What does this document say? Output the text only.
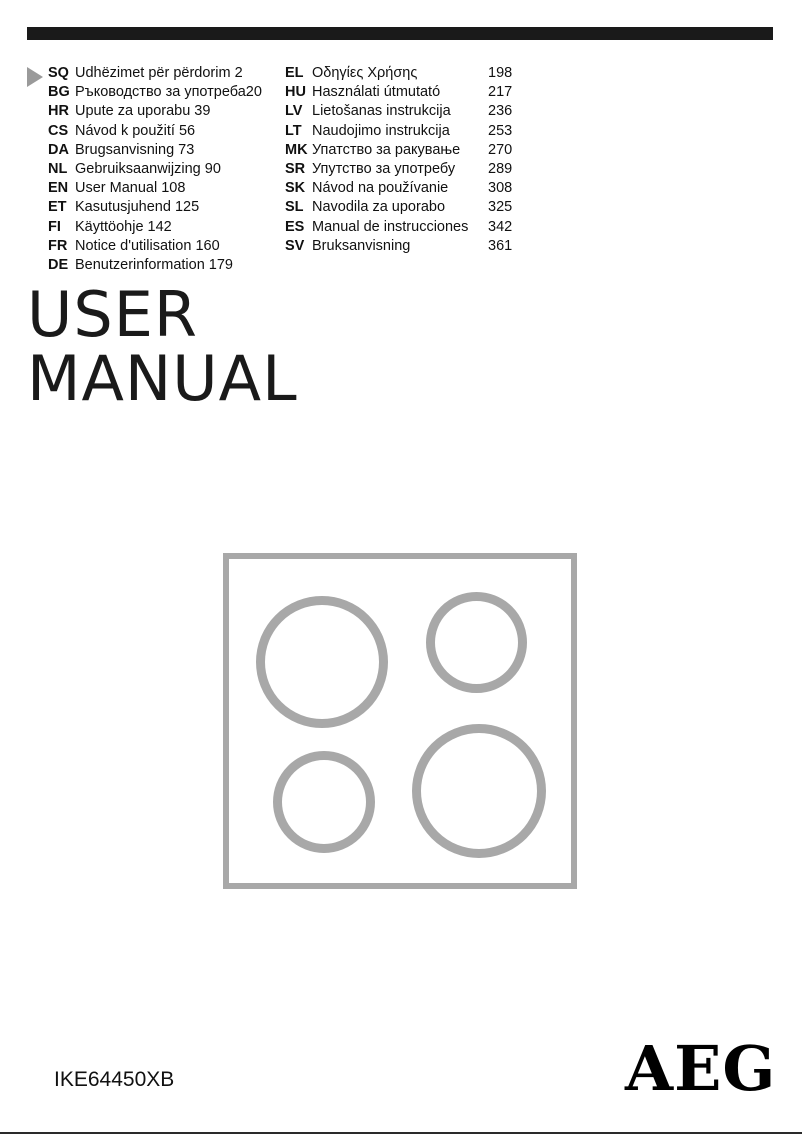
SQ Udhëzimet për përdorim 2
BG Ръководство за употреба20
HR Upute za uporabu 39
CS Návod k použití 56
DA Brugsanvisning 73
NL Gebruiksaanwijzing 90
EN User Manual 108
ET Kasutusjuhend 125
FI Käyttöohje 142
FR Notice d'utilisation 160
DE Benutzerinformation 179
EL Οδηγίες Χρήσης	198
HU Használati útmutató	217
LV Lietošanas instrukcija	236
LT Naudojimo instrukcija	253
MK Упатство за ракување 270
SR Упутство за употребу 289
SK Návod na používanie	308
SL Navodila za uporabo	325
ES Manual de instrucciones 342
SV Bruksanvisning	361
USER
MANUAL
IKE64450XB	AEG
